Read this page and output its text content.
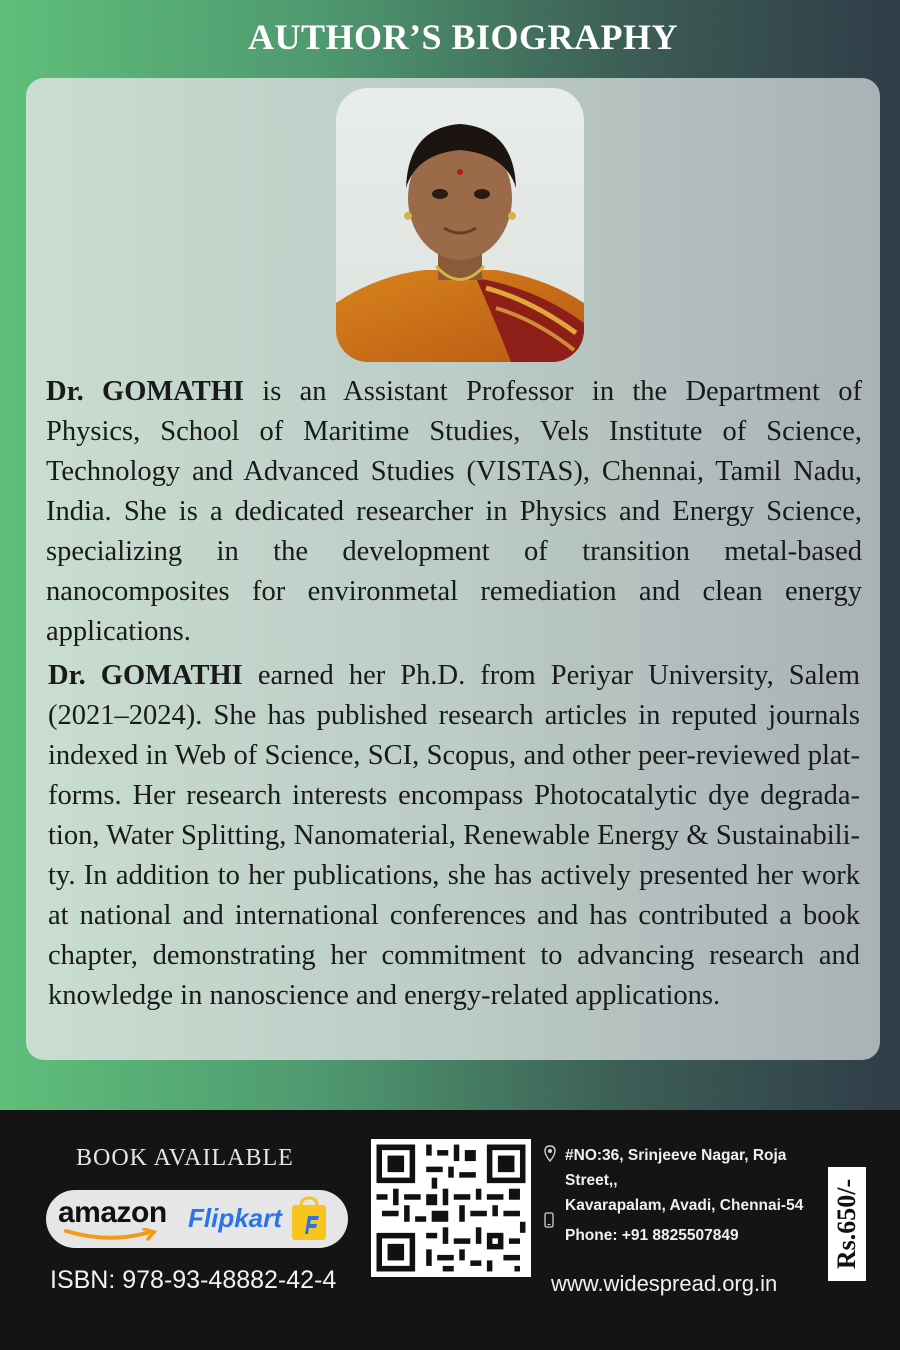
AUTHOR’S BIOGRAPHY
Dr. GOMATHI is an Assistant Professor in the Department of Physics, School of Maritime Studies, Vels Institute of Science, Technology and Advanced Studies (VISTAS), Chennai, Tamil Nadu, India. She is a dedicated researcher in Physics and Energy Science, specializing in the development of transition metal-based nanocomposites for environmetal remediation and clean energy applications.
Dr. GOMATHI earned her Ph.D. from Periyar University, Salem (2021–2024). She has published research articles in reputed journals indexed in Web of Science, SCI, Scopus, and other peer-reviewed platforms. Her research interests encompass Photocatalytic dye degradation, Water Splitting, Nanomaterial, Renewable Energy & Sustainability. In addition to her publications, she has actively presented her work at national and international conferences and has contributed a book chapter, demonstrating her commitment to advancing research and knowledge in nanoscience and energy-related applications.
BOOK AVAILABLE
amazon Flipkart
ISBN: 978-93-48882-42-4
#NO:36, Srinjeeve Nagar, Roja Street,,
Kavarapalam, Avadi, Chennai-54
Phone: +91 8825507849
www.widespread.org.in
Rs.650/-
